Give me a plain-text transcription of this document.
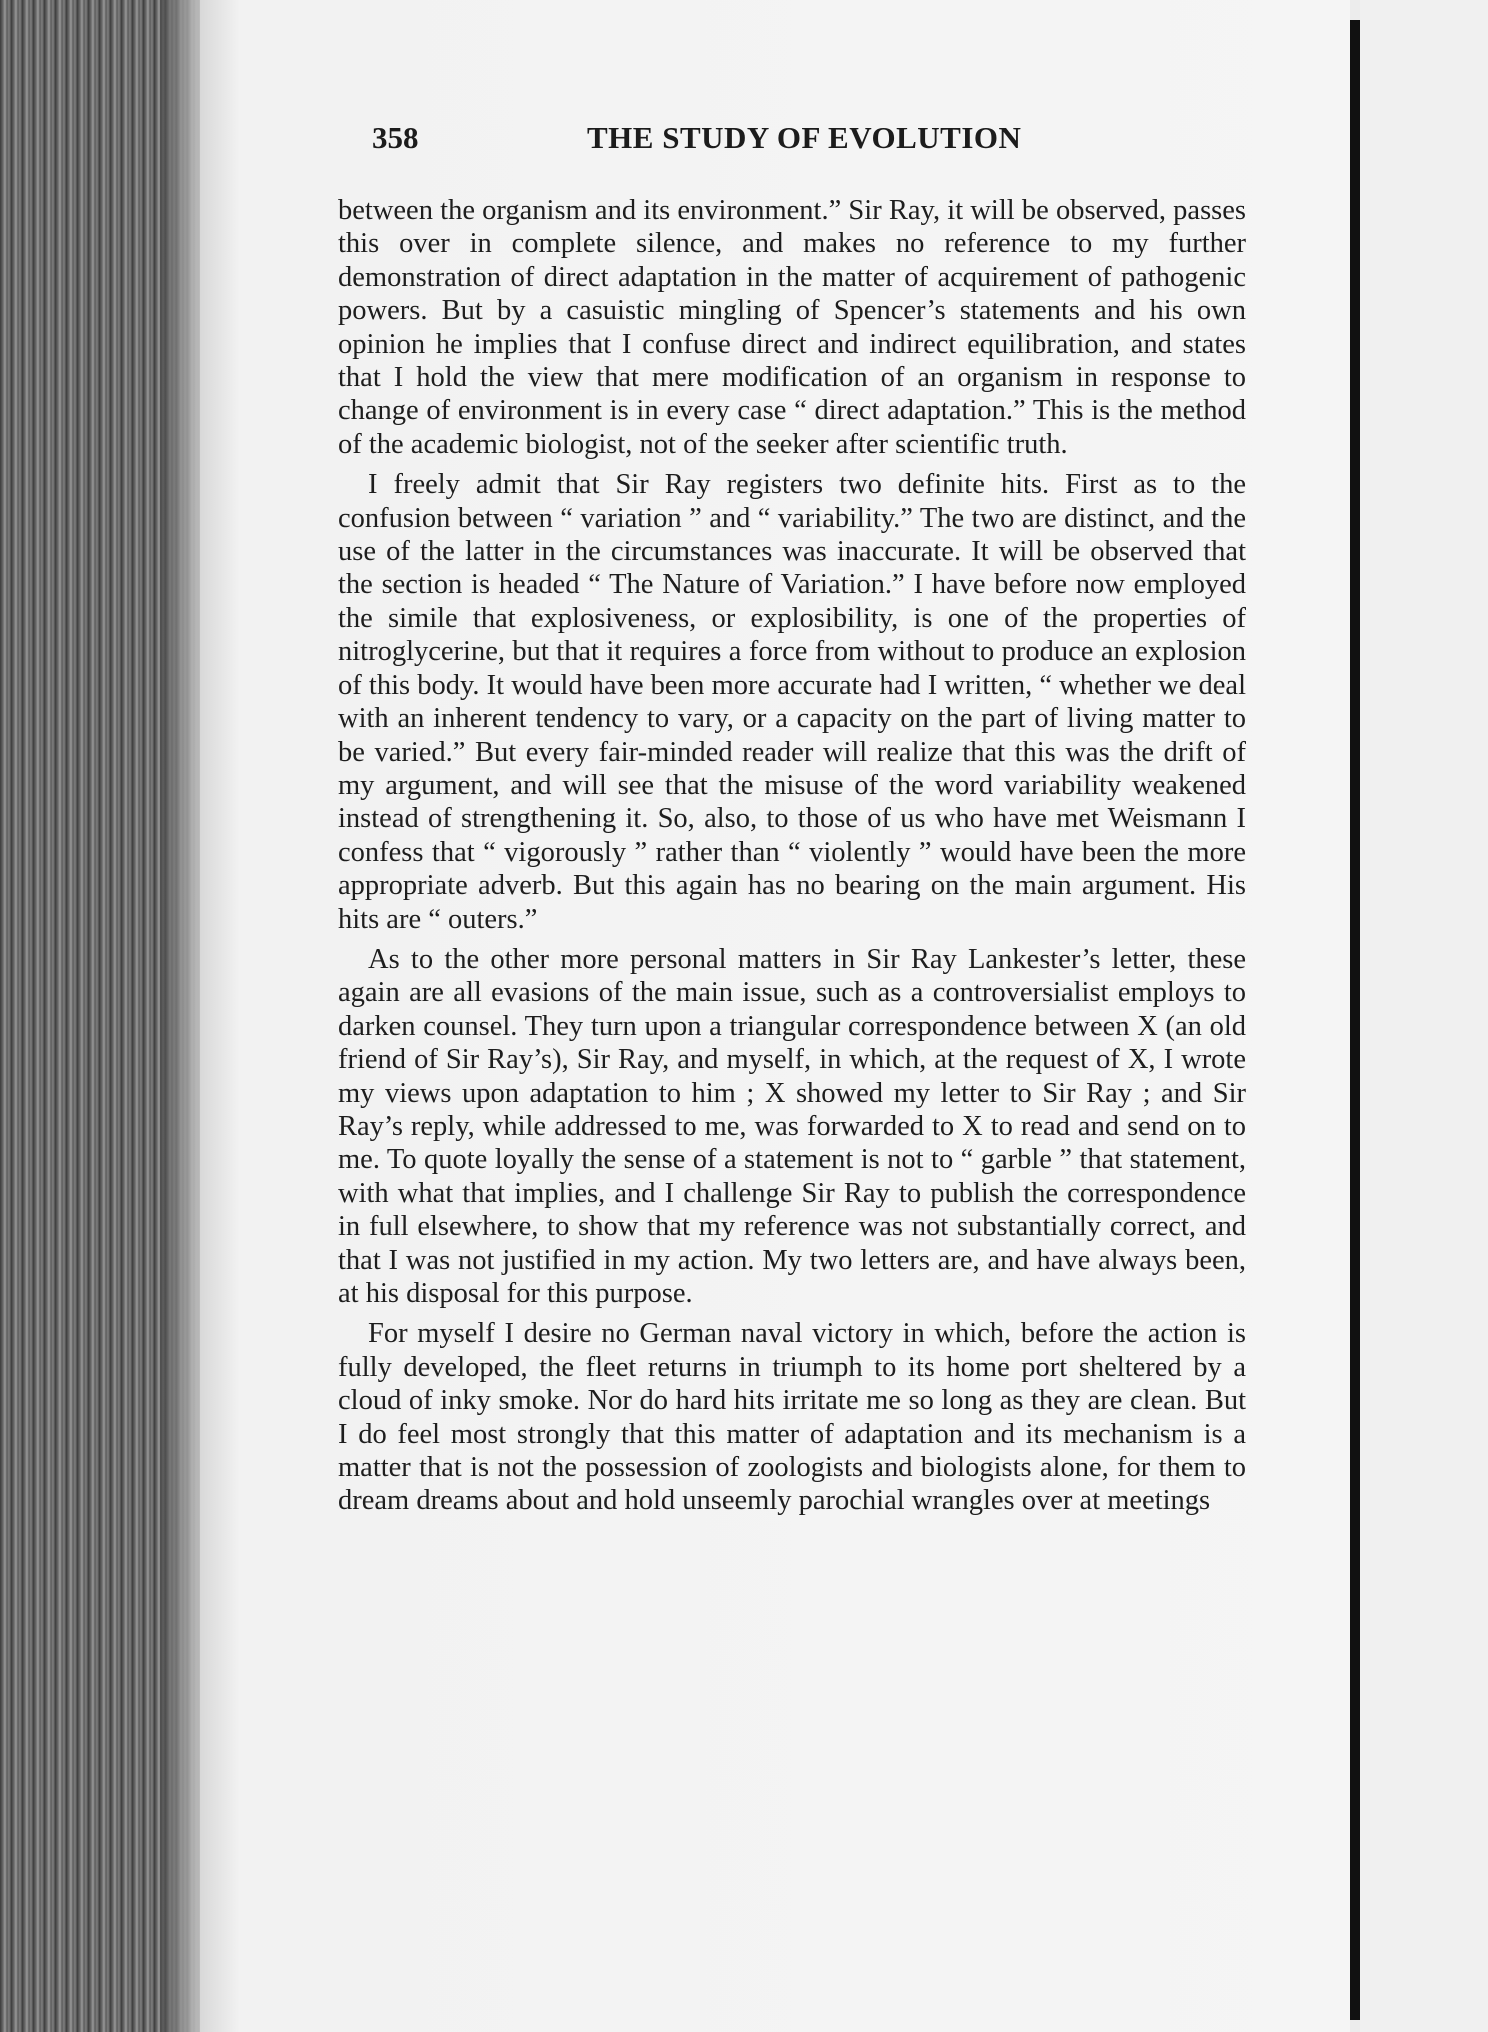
358	THE STUDY OF EVOLUTION

between the organism and its environment.” Sir Ray, it will be observed, passes this over in complete silence, and makes no reference to my further demonstration of direct adaptation in the matter of acquirement of pathogenic powers. But by a casuistic mingling of Spencer’s statements and his own opinion he implies that I confuse direct and indirect equilibration, and states that I hold the view that mere modification of an organism in response to change of environment is in every case “ direct adaptation.” This is the method of the academic biologist, not of the seeker after scientific truth.

I freely admit that Sir Ray registers two definite hits. First as to the confusion between “ variation ” and “ variability.” The two are distinct, and the use of the latter in the circumstances was inaccurate. It will be observed that the section is headed “ The Nature of Variation.” I have before now employed the simile that explosiveness, or explosibility, is one of the properties of nitroglycerine, but that it requires a force from without to produce an explosion of this body. It would have been more accurate had I written, “ whether we deal with an inherent tendency to vary, or a capacity on the part of living matter to be varied.” But every fair-minded reader will realize that this was the drift of my argument, and will see that the misuse of the word variability weakened instead of strengthening it. So, also, to those of us who have met Weismann I confess that “ vigorously ” rather than “ violently ” would have been the more appropriate adverb. But this again has no bearing on the main argument. His hits are “ outers.”

As to the other more personal matters in Sir Ray Lankester’s letter, these again are all evasions of the main issue, such as a controversialist employs to darken counsel. They turn upon a triangular correspondence between X (an old friend of Sir Ray’s), Sir Ray, and myself, in which, at the request of X, I wrote my views upon adaptation to him ; X showed my letter to Sir Ray ; and Sir Ray’s reply, while addressed to me, was forwarded to X to read and send on to me. To quote loyally the sense of a statement is not to “ garble ” that statement, with what that implies, and I challenge Sir Ray to publish the correspondence in full elsewhere, to show that my reference was not substantially correct, and that I was not justified in my action. My two letters are, and have always been, at his disposal for this purpose.

For myself I desire no German naval victory in which, before the action is fully developed, the fleet returns in triumph to its home port sheltered by a cloud of inky smoke. Nor do hard hits irritate me so long as they are clean. But I do feel most strongly that this matter of adaptation and its mechanism is a matter that is not the possession of zoologists and biologists alone, for them to dream dreams about and hold unseemly parochial wrangles over at meetings
